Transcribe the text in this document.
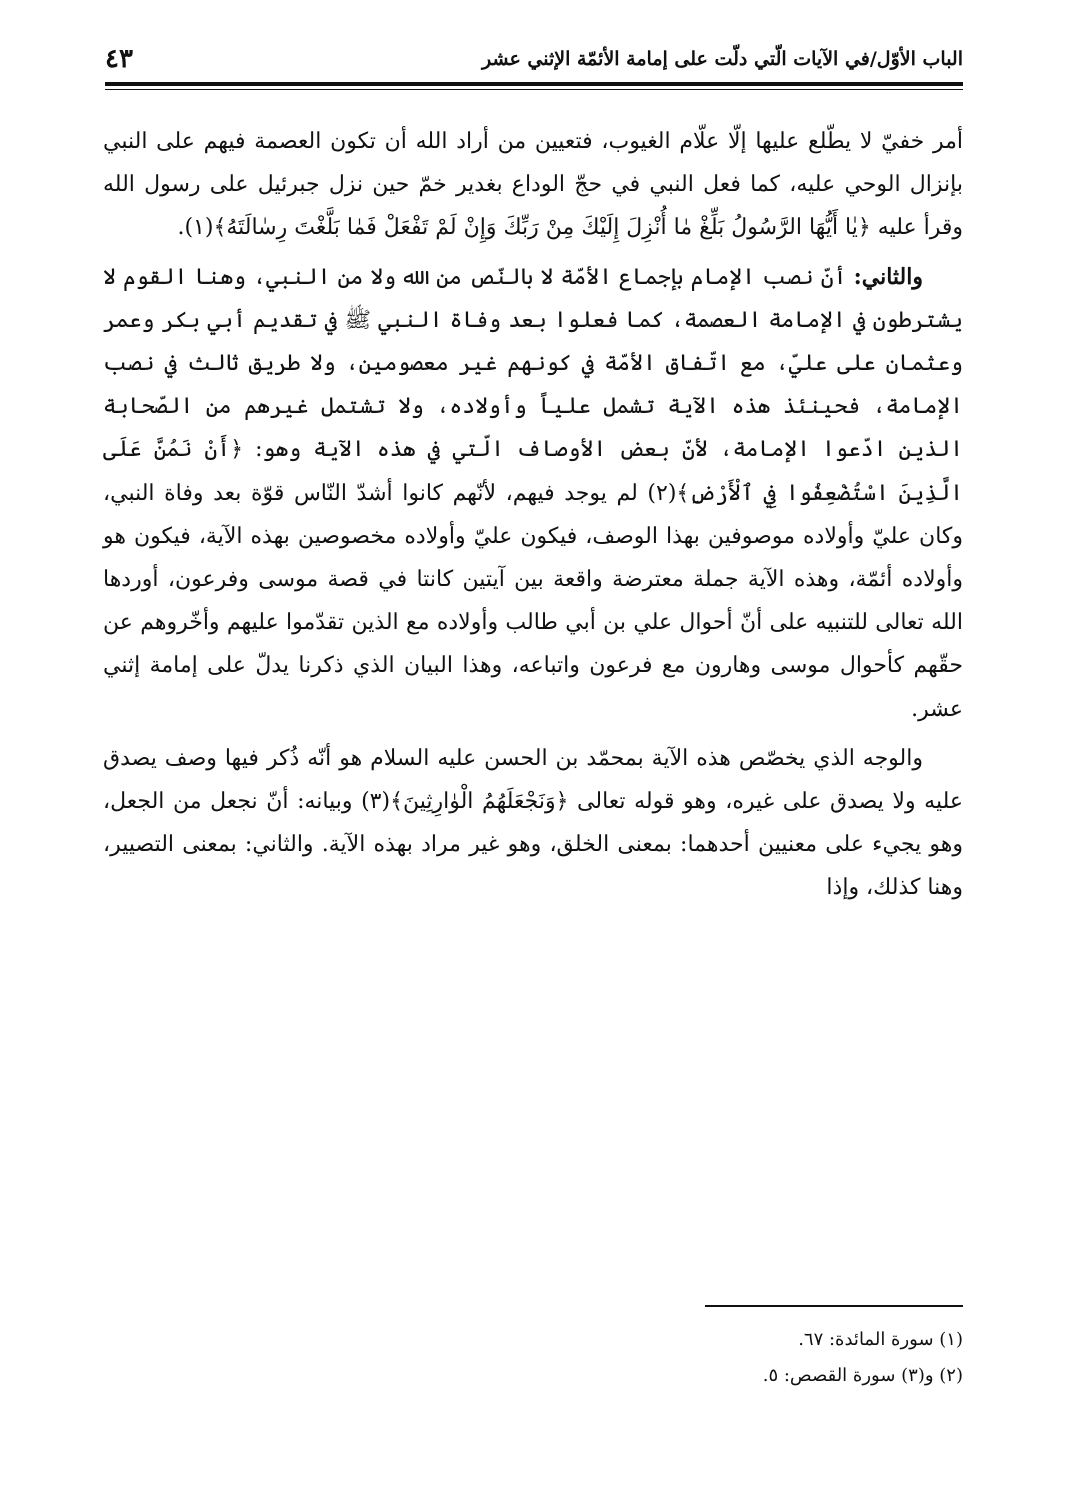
الباب الأوّل/في الآيات الّتي دلّت على إمامة الأئمّة الإثني عشر
٤٣

أمر خفيّ لا يطّلع عليها إلّا علّام الغيوب، فتعيين من أراد الله أن تكون العصمة فيهم على النبي بإنزال الوحي عليه، كما فعل النبي في حجّ الوداع بغدير خمّ حين نزل جبرئيل على رسول الله وقرأ عليه ﴿يٰا أَيُّهَا الرَّسُولُ بَلِّغْ مٰا أُنْزِلَ إِلَيْكَ مِنْ رَبِّكَ وَإِنْ لَمْ تَفْعَلْ فَمٰا بَلَّغْتَ رِسٰالَتَهُ﴾(١).

والثاني: أنّ نصب الإمام بإجماع الأمّة لا بالنّص من الله ولا من النبي، وهنا القوم لا يشترطون في الإمامة العصمة، كما فعلوا بعد وفاة النبي ﷺ في تقديم أبي بكر وعمر وعثمان على عليّ، مع اتّفاق الأمّة في كونهم غير معصومين، ولا طريق ثالث في نصب الإمامة، فحينئذ هذه الآية تشمل علياً وأولاده، ولا تشتمل غيرهم من الصّحابة الذين ادّعوا الإمامة، لأنّ بعض الأوصاف الّتي في هذه الآية وهو: ﴿أَنْ نَمُنَّ عَلَى الَّذِينَ اسْتُضْعِفُوا فِي ٱلْأَرْضِ﴾(٢) لم يوجد فيهم، لأنّهم كانوا أشدّ النّاس قوّة بعد وفاة النبي، وكان عليّ وأولاده موصوفين بهذا الوصف، فيكون عليّ وأولاده مخصوصين بهذه الآية، فيكون هو وأولاده أئمّة، وهذه الآية جملة معترضة واقعة بين آيتين كانتا في قصة موسى وفرعون، أوردها الله تعالى للتنبيه على أنّ أحوال علي بن أبي طالب وأولاده مع الذين تقدّموا عليهم وأخّروهم عن حقّهم كأحوال موسى وهارون مع فرعون واتباعه، وهذا البيان الذي ذكرنا يدلّ على إمامة إثني عشر.

والوجه الذي يخصّص هذه الآية بمحمّد بن الحسن عليه السلام هو أنّه ذُكر فيها وصف يصدق عليه ولا يصدق على غيره، وهو قوله تعالى ﴿وَنَجْعَلَهُمُ الْوٰارِثِينَ﴾(٣) وبيانه: أنّ نجعل من الجعل، وهو يجيء على معنيين أحدهما: بمعنى الخلق، وهو غير مراد بهذه الآية. والثاني: بمعنى التصيير، وهنا كذلك، وإذا

(١) سورة المائدة: ٦٧.
(٢) و(٣) سورة القصص: ٥.
